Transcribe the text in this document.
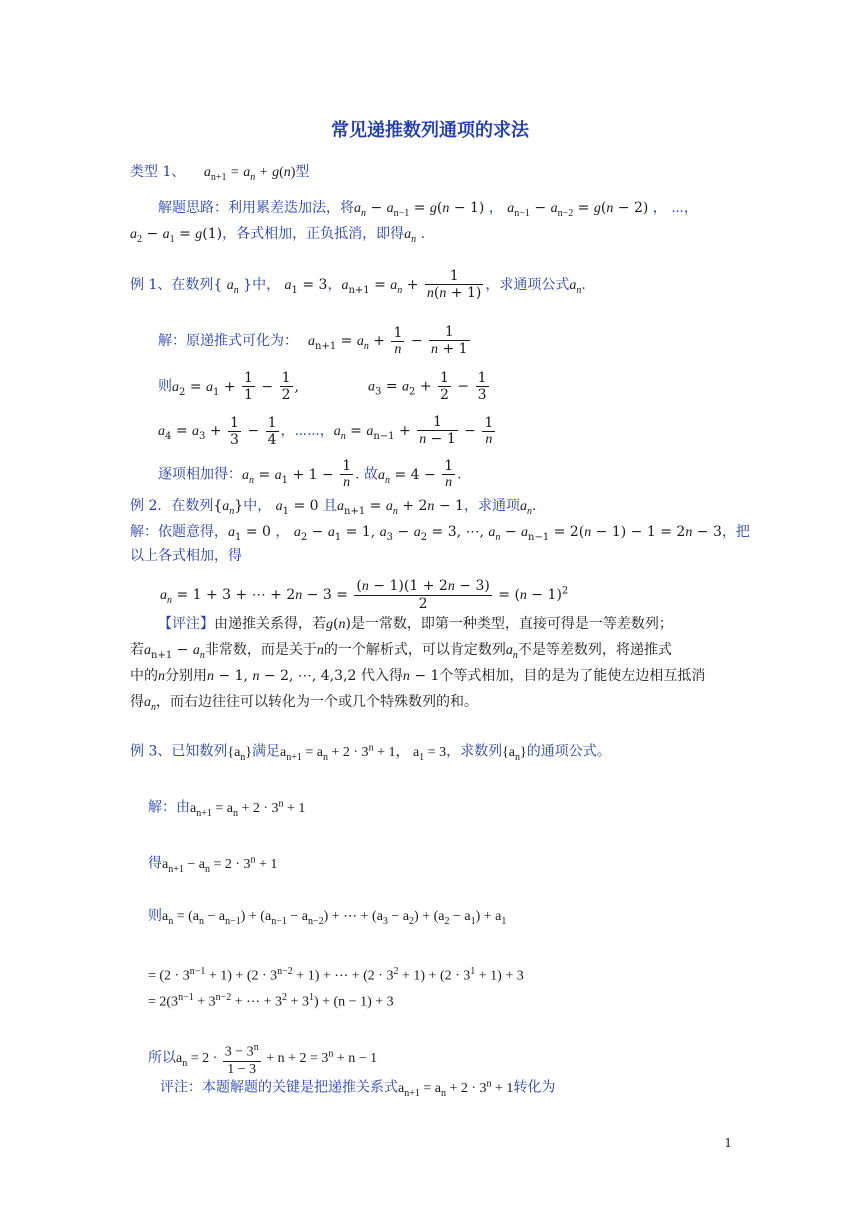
常见递推数列通项的求法
类型 1、 $a_{n+1} = a_n + g(n)$型
解题思路：利用累差迭加法，将$a_n - a_{n-1} = g(n - 1)$ ， $a_{n-1} - a_{n-2} = g(n - 2)$ ， ⋯，
$a_2 - a_1 = g(1)$，各式相加，正负抵消，即得$a_n$ .
例 1、在数列{ $a_n$ }中， $a_1 = 3$，$a_{n+1} = a_n + \frac{1}{n(n + 1)}$ ，求通项公式$a_n$.
解：原递推式可化为： $a_{n+1} = a_n + \frac{1}{n} - \frac{1}{n + 1}$
则$a_2 = a_1 + \frac{1}{1} - \frac{1}{2}$ ,	$a_3 = a_2 + \frac{1}{2} - \frac{1}{3}$
$a_4 = a_3 + \frac{1}{3} - \frac{1}{4}$ ，⋯⋯，$a_n = a_{n-1} + \frac{1}{n - 1} - \frac{1}{n}$
逐项相加得：$a_n = a_1 + 1 - \frac{1}{n}$ . 故$a_n = 4 - \frac{1}{n}$ .
例 2．在数列$\{a_n\}$中， $a_1 = 0$ 且$a_{n+1} = a_n + 2n - 1$，求通项$a_n$.
解：依题意得，$a_1 = 0$ ， $a_2 - a_1 = 1$, $a_3 - a_2 = 3$, ⋯, $a_n - a_{n-1} = 2(n - 1) - 1 = 2n - 3$，把
以上各式相加，得
$a_n = 1 + 3$ + ⋯ + $2n - 3 = \frac{(n - 1)(1 + 2n - 3)}{2} = (n - 1)^2$
【评注】由递推关系得，若g(n)是一常数，即第一种类型，直接可得是一等差数列；
若$a_{n+1} - a_n$非常数，而是关于n的一个解析式，可以肯定数列$a_n$不是等差数列，将递推式
中的n分别用n − 1, n − 2, ⋯, 4,3,2 代入得n − 1个等式相加，目的是为了能使左边相互抵消
得$a_n$，而右边往往可以转化为一个或几个特殊数列的和。
例 3、已知数列$\{a_n\}$满足$a_{n+1} = a_n + 2 \cdot 3^n + 1$， $a_1 = 3$，求数列$\{a_n\}$的通项公式。
解：由$a_{n+1} = a_n + 2 \cdot 3^n + 1$
得$a_{n+1} - a_n = 2 \cdot 3^n + 1$
则$a_n = (a_n - a_{n-1}) + (a_{n-1} - a_{n-2})$ + ⋯ + $(a_3 - a_2) + (a_2 - a_1) + a_1$
= $(2 \cdot 3^{n-1} + 1) + (2 \cdot 3^{n-2} + 1)$ + ⋯ + $(2 \cdot 3^2 + 1) + (2 \cdot 3^1 + 1) + 3$
= $2(3^{n-1} + 3^{n-2}$ + ⋯ + $3^2 + 3^1) + (n - 1) + 3$
所以$a_n = 2 \cdot \frac{3 - 3^n}{1 - 3} + n + 2 = 3^n + n - 1$
评注：本题解题的关键是把递推关系式$a_{n+1} = a_n + 2 \cdot 3^n + 1$转化为
1
